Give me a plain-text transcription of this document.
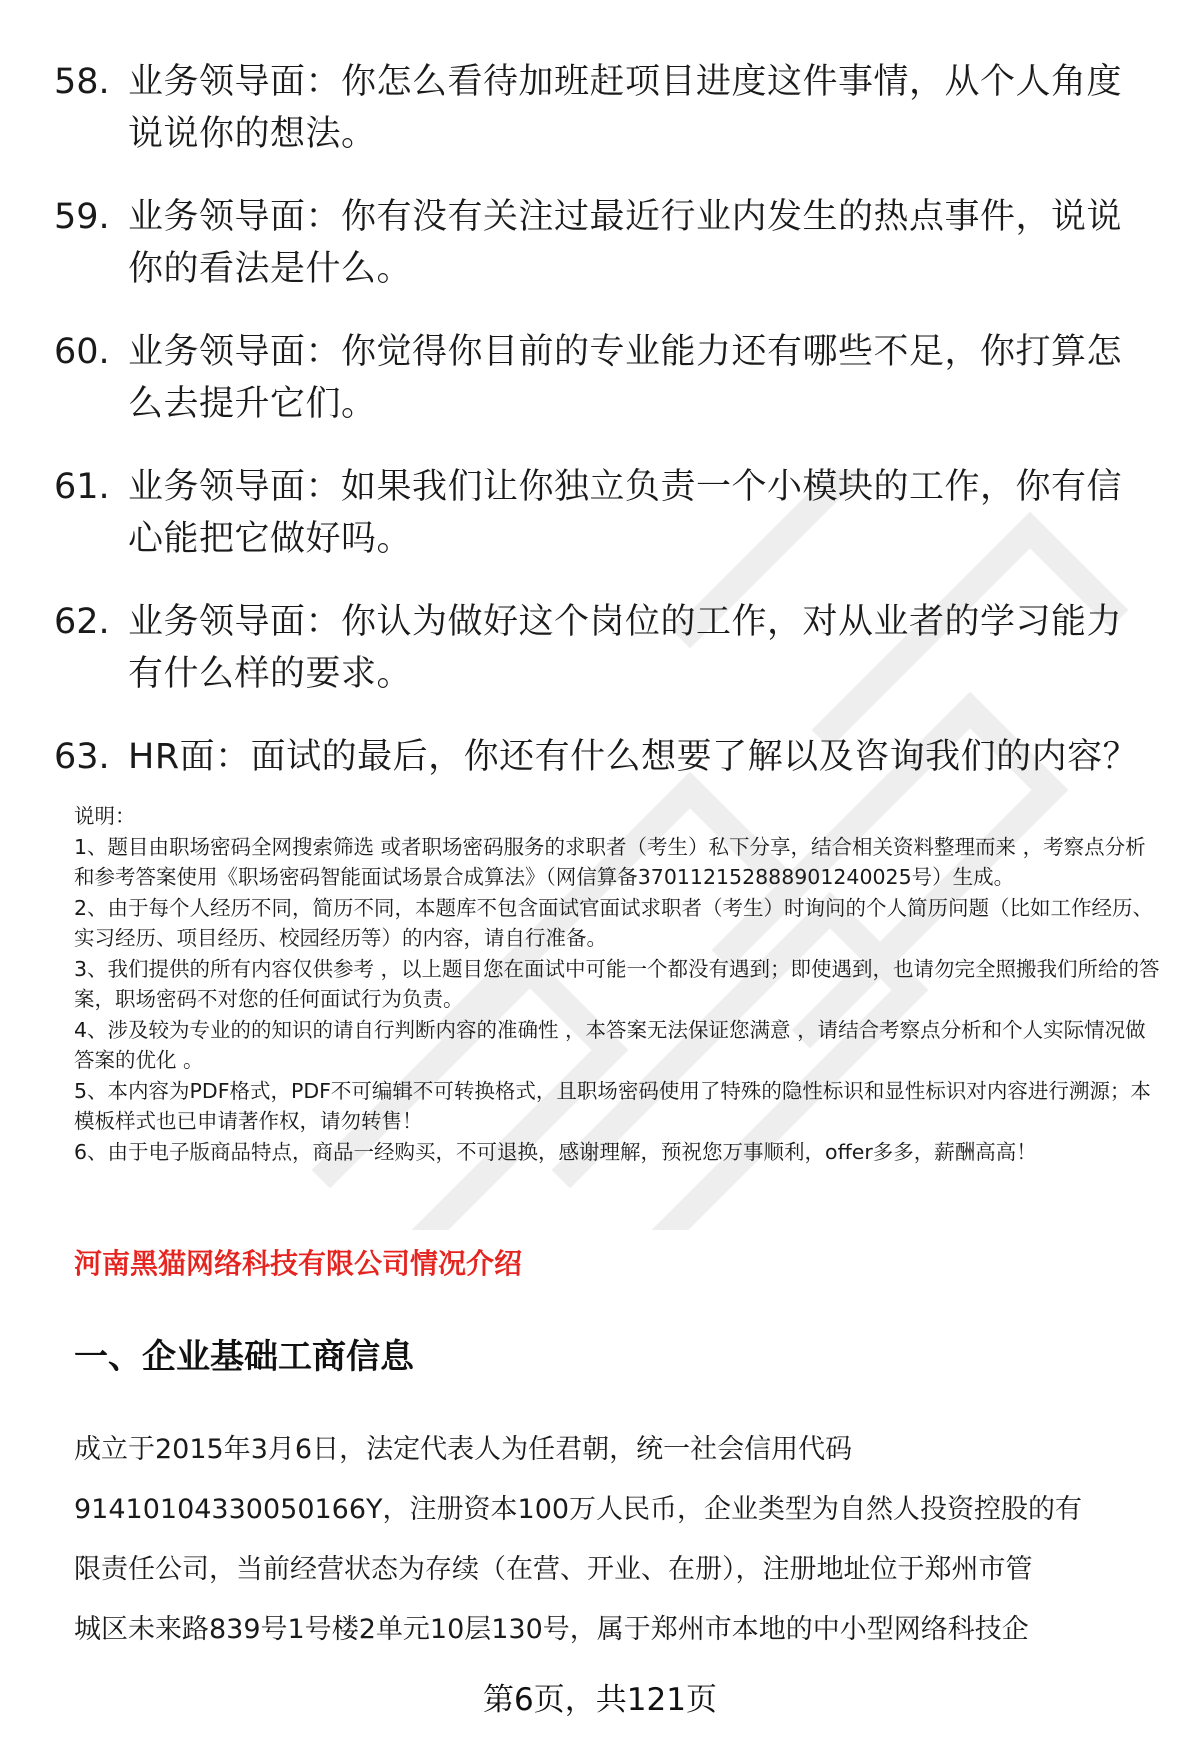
58. 业务领导面：你怎么看待加班赶项目进度这件事情，从个人角度说说你的想法。
59. 业务领导面：你有没有关注过最近行业内发生的热点事件，说说你的看法是什么。
60. 业务领导面：你觉得你目前的专业能力还有哪些不足，你打算怎么去提升它们。
61. 业务领导面：如果我们让你独立负责一个小模块的工作，你有信心能把它做好吗。
62. 业务领导面：你认为做好这个岗位的工作，对从业者的学习能力有什么样的要求。
63. HR面：面试的最后，你还有什么想要了解以及咨询我们的内容？

说明：

1、题目由职场密码全网搜索筛选 或者职场密码服务的求职者（考生）私下分享，结合相关资料整理而来 ，考察点分析和参考答案使用《职场密码智能面试场景合成算法》（网信算备370112152888901240025号）生成。

2、由于每个人经历不同，简历不同，本题库不包含面试官面试求职者（考生）时询问的个人简历问题（比如工作经历、实习经历、项目经历、校园经历等）的内容，请自行准备。

3、我们提供的所有内容仅供参考 ，以上题目您在面试中可能一个都没有遇到；即使遇到，也请勿完全照搬我们所给的答案，职场密码不对您的任何面试行为负责。

4、涉及较为专业的的知识的请自行判断内容的准确性 ，本答案无法保证您满意 ，请结合考察点分析和个人实际情况做答案的优化 。

5、本内容为PDF格式，PDF不可编辑不可转换格式，且职场密码使用了特殊的隐性标识和显性标识对内容进行溯源；本模板样式也已申请著作权，请勿转售！

6、由于电子版商品特点，商品一经购买，不可退换，感谢理解，预祝您万事顺利，offer多多，薪酬高高！

河南黑猫网络科技有限公司情况介绍
一、企业基础工商信息

成立于2015年3月6日，法定代表人为任君朝，统一社会信用代码

91410104330050166Y，注册资本100万人民币，企业类型为自然人投资控股的有

限责任公司，当前经营状态为存续（在营、开业、在册），注册地址位于郑州市管

城区未来路839号1号楼2单元10层130号，属于郑州市本地的中小型网络科技企

第6页，共121页
